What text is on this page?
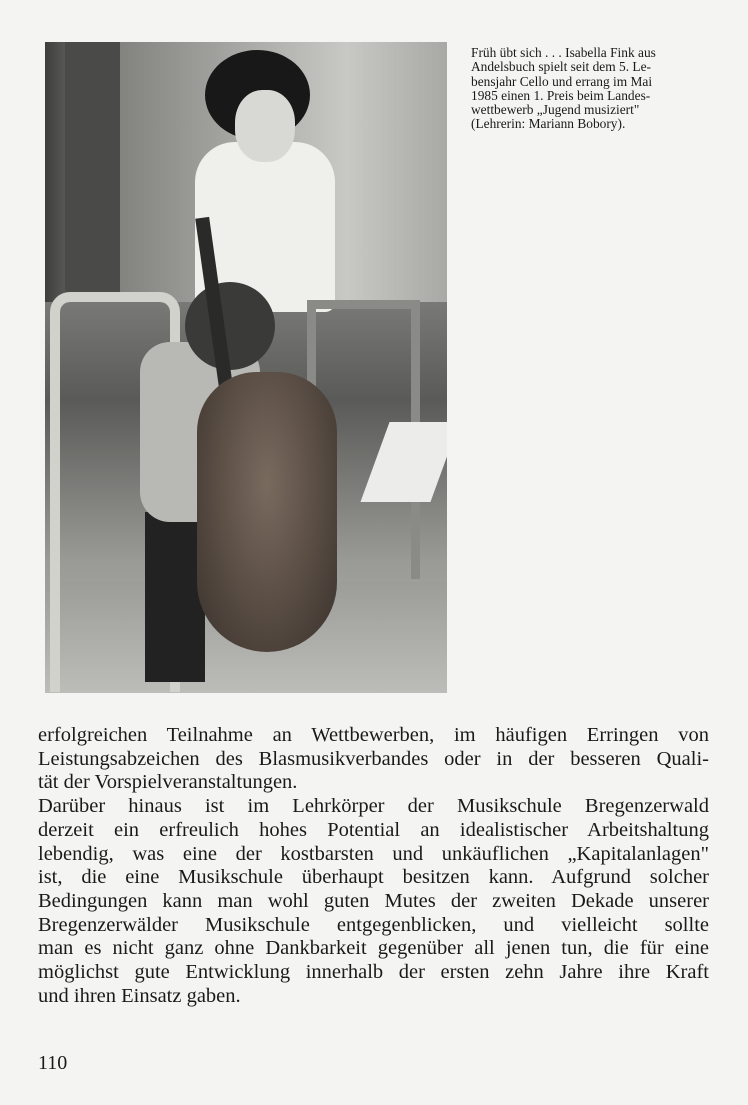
Früh übt sich . . . Isabella Fink aus
Andelsbuch spielt seit dem 5. Le-
bensjahr Cello und errang im Mai
1985 einen 1. Preis beim Landes-
wettbewerb „Jugend musiziert"
(Lehrerin: Mariann Bobory).
erfolgreichen Teilnahme an Wettbewerben, im häufigen Erringen von
Leistungsabzeichen des Blasmusikverbandes oder in der besseren Quali-
tät der Vorspielveranstaltungen.
Darüber hinaus ist im Lehrkörper der Musikschule Bregenzerwald
derzeit ein erfreulich hohes Potential an idealistischer Arbeitshaltung
lebendig, was eine der kostbarsten und unkäuflichen „Kapitalanlagen"
ist, die eine Musikschule überhaupt besitzen kann. Aufgrund solcher
Bedingungen kann man wohl guten Mutes der zweiten Dekade unserer
Bregenzerwälder Musikschule entgegenblicken, und vielleicht sollte
man es nicht ganz ohne Dankbarkeit gegenüber all jenen tun, die für eine
möglichst gute Entwicklung innerhalb der ersten zehn Jahre ihre Kraft
und ihren Einsatz gaben.
110
